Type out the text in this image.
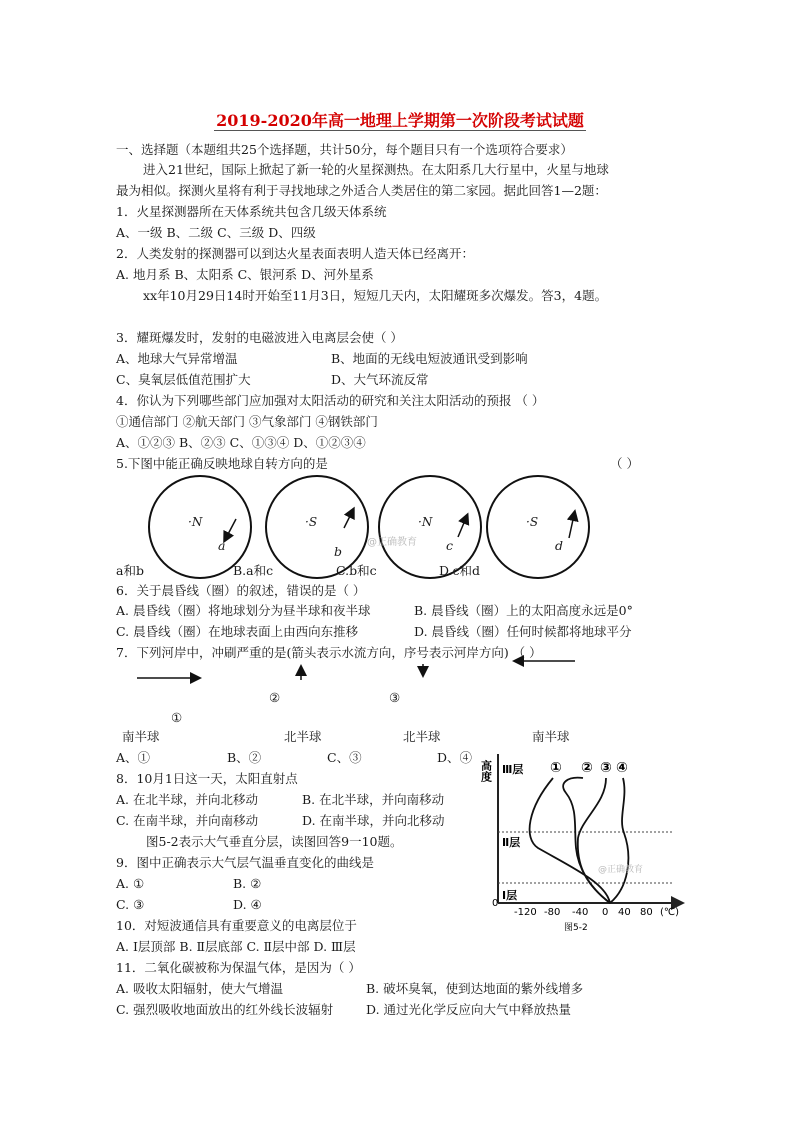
2019-2020年高一地理上学期第一次阶段考试试题
一、选择题（本题组共25个选择题，共计50分，每个题目只有一个选项符合要求）
进入21世纪，国际上掀起了新一轮的火星探测热。在太阳系几大行星中，火星与地球
最为相似。探测火星将有利于寻找地球之外适合人类居住的第二家园。据此回答1—2题：
1．火星探测器所在天体系统共包含几级天体系统
A、一级 B、二级 C、三级 D、四级
2．人类发射的探测器可以到达火星表面表明人造天体已经离开：
A. 地月系 B、太阳系 C、银河系 D、河外星系
xx年10月29日14时开始至11月3日，短短几天内，太阳耀斑多次爆发。答3，4题。
3．耀斑爆发时，发射的电磁波进入电离层会使（ ）
A、地球大气异常增温	B、地面的无线电短波通讯受到影响
C、臭氧层低值范围扩大	D、大气环流反常
4．你认为下列哪些部门应加强对太阳活动的研究和关注太阳活动的预报 （ ）
①通信部门 ②航天部门 ③气象部门 ④钢铁部门
A、①②③ B、②③ C、①③④ D、①②③④
5.下图中能正确反映地球自转方向的是	（ ）
·N	·S	·N	·S
a	b	c	d
@正确教育
a和b	B.a和c	C.b和c	D.c和d
6．关于晨昏线（圈）的叙述，错误的是（ ）
A. 晨昏线（圈）将地球划分为昼半球和夜半球	B. 晨昏线（圈）上的太阳高度永远是0°
C. 晨昏线（圈）在地球表面上由西向东推移	D. 晨昏线（圈）任何时候都将地球平分
7．下列河岸中，冲刷严重的是(箭头表示水流方向，序号表示河岸方向) （ ）
②	③
①
南半球	北半球	北半球	南半球
A、①	B、②	C、③	D、④
8．10月1日这一天，太阳直射点
A. 在北半球，并向北移动	B. 在北半球，并向南移动
C. 在南半球，并向南移动	D. 在南半球，并向北移动
图5-2表示大气垂直分层，读图回答9一10题。
9．图中正确表示大气层气温垂直变化的曲线是
A. ①	B. ②
C. ③	D. ④
10．对短波通信具有重要意义的电离层位于
A. Ⅰ层顶部 B. Ⅱ层底部 C. Ⅱ层中部 D. Ⅲ层
11．二氧化碳被称为保温气体，是因为（ ）
A. 吸收太阳辐射，使大气增温	B. 破坏臭氧，使到达地面的紫外线增多
C. 强烈吸收地面放出的红外线长波辐射	D. 通过光化学反应向大气中释放热量
高度 Ⅲ层
Ⅱ层
Ⅰ层
① ② ③ ④
0
-120 -80 -40 0 40 80 (℃)
图5-2
@正确教育
